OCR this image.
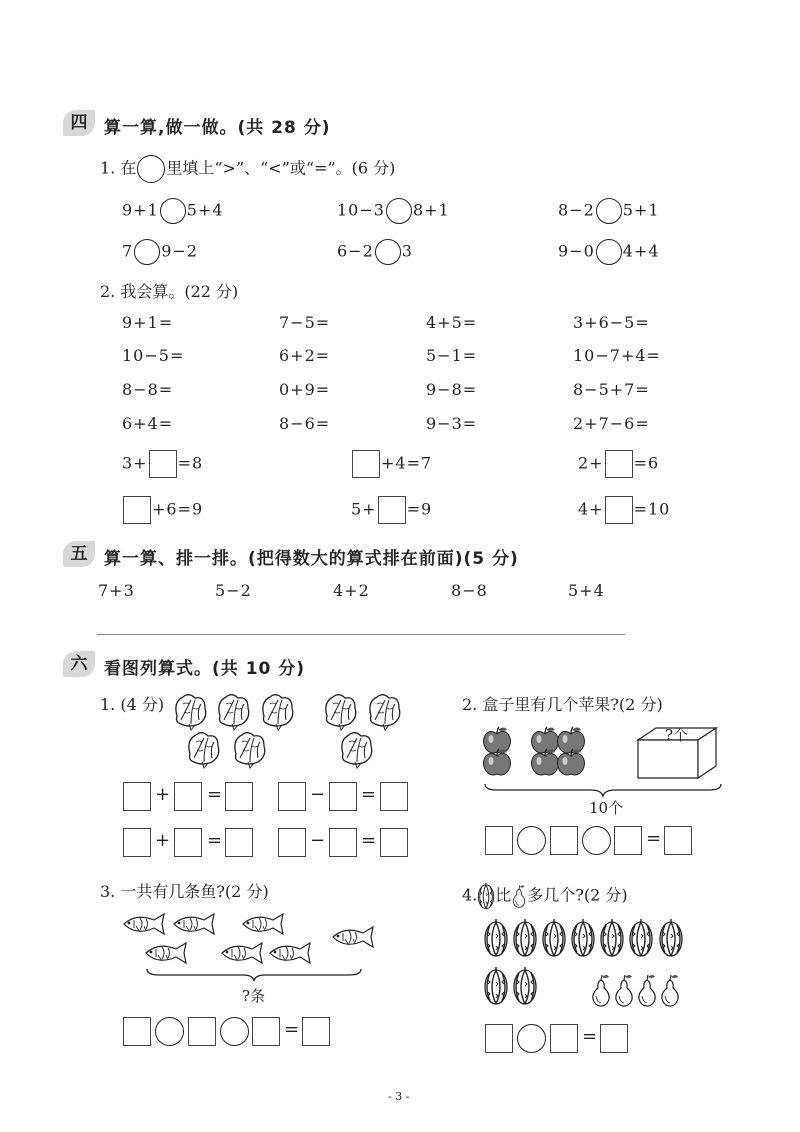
四 算一算,做一做。(共 28 分)
1. 在 里填上“>”、“<”或“=”。(6 分)
9+1 5+4	10−3 8+1	8−2 5+1
7 9−2	6−2 3	9−0 4+4
2. 我会算。(22 分)
9+1=	7−5=	4+5=	3+6−5=
10−5=	6+2=	5−1=	10−7+4=
8−8=	0+9=	9−8=	8−5+7=
6+4=	8−6=	9−3=	2+7−6=
3+ =8	+4=7	2+ =6
+6=9	5+ =9	4+ =10
五 算一算、排一排。(把得数大的算式排在前面)(5 分)
7+3	5−2	4+2	8−8	5+4
六 看图列算式。(共 10 分)
1. (4 分)
+ =	− =
+ =	− =
2. 盒子里有几个苹果?(2 分)
?个
10个
=
3. 一共有几条鱼?(2 分)
?条
=
4. 比 多几个?(2 分)
=
- 3 -
